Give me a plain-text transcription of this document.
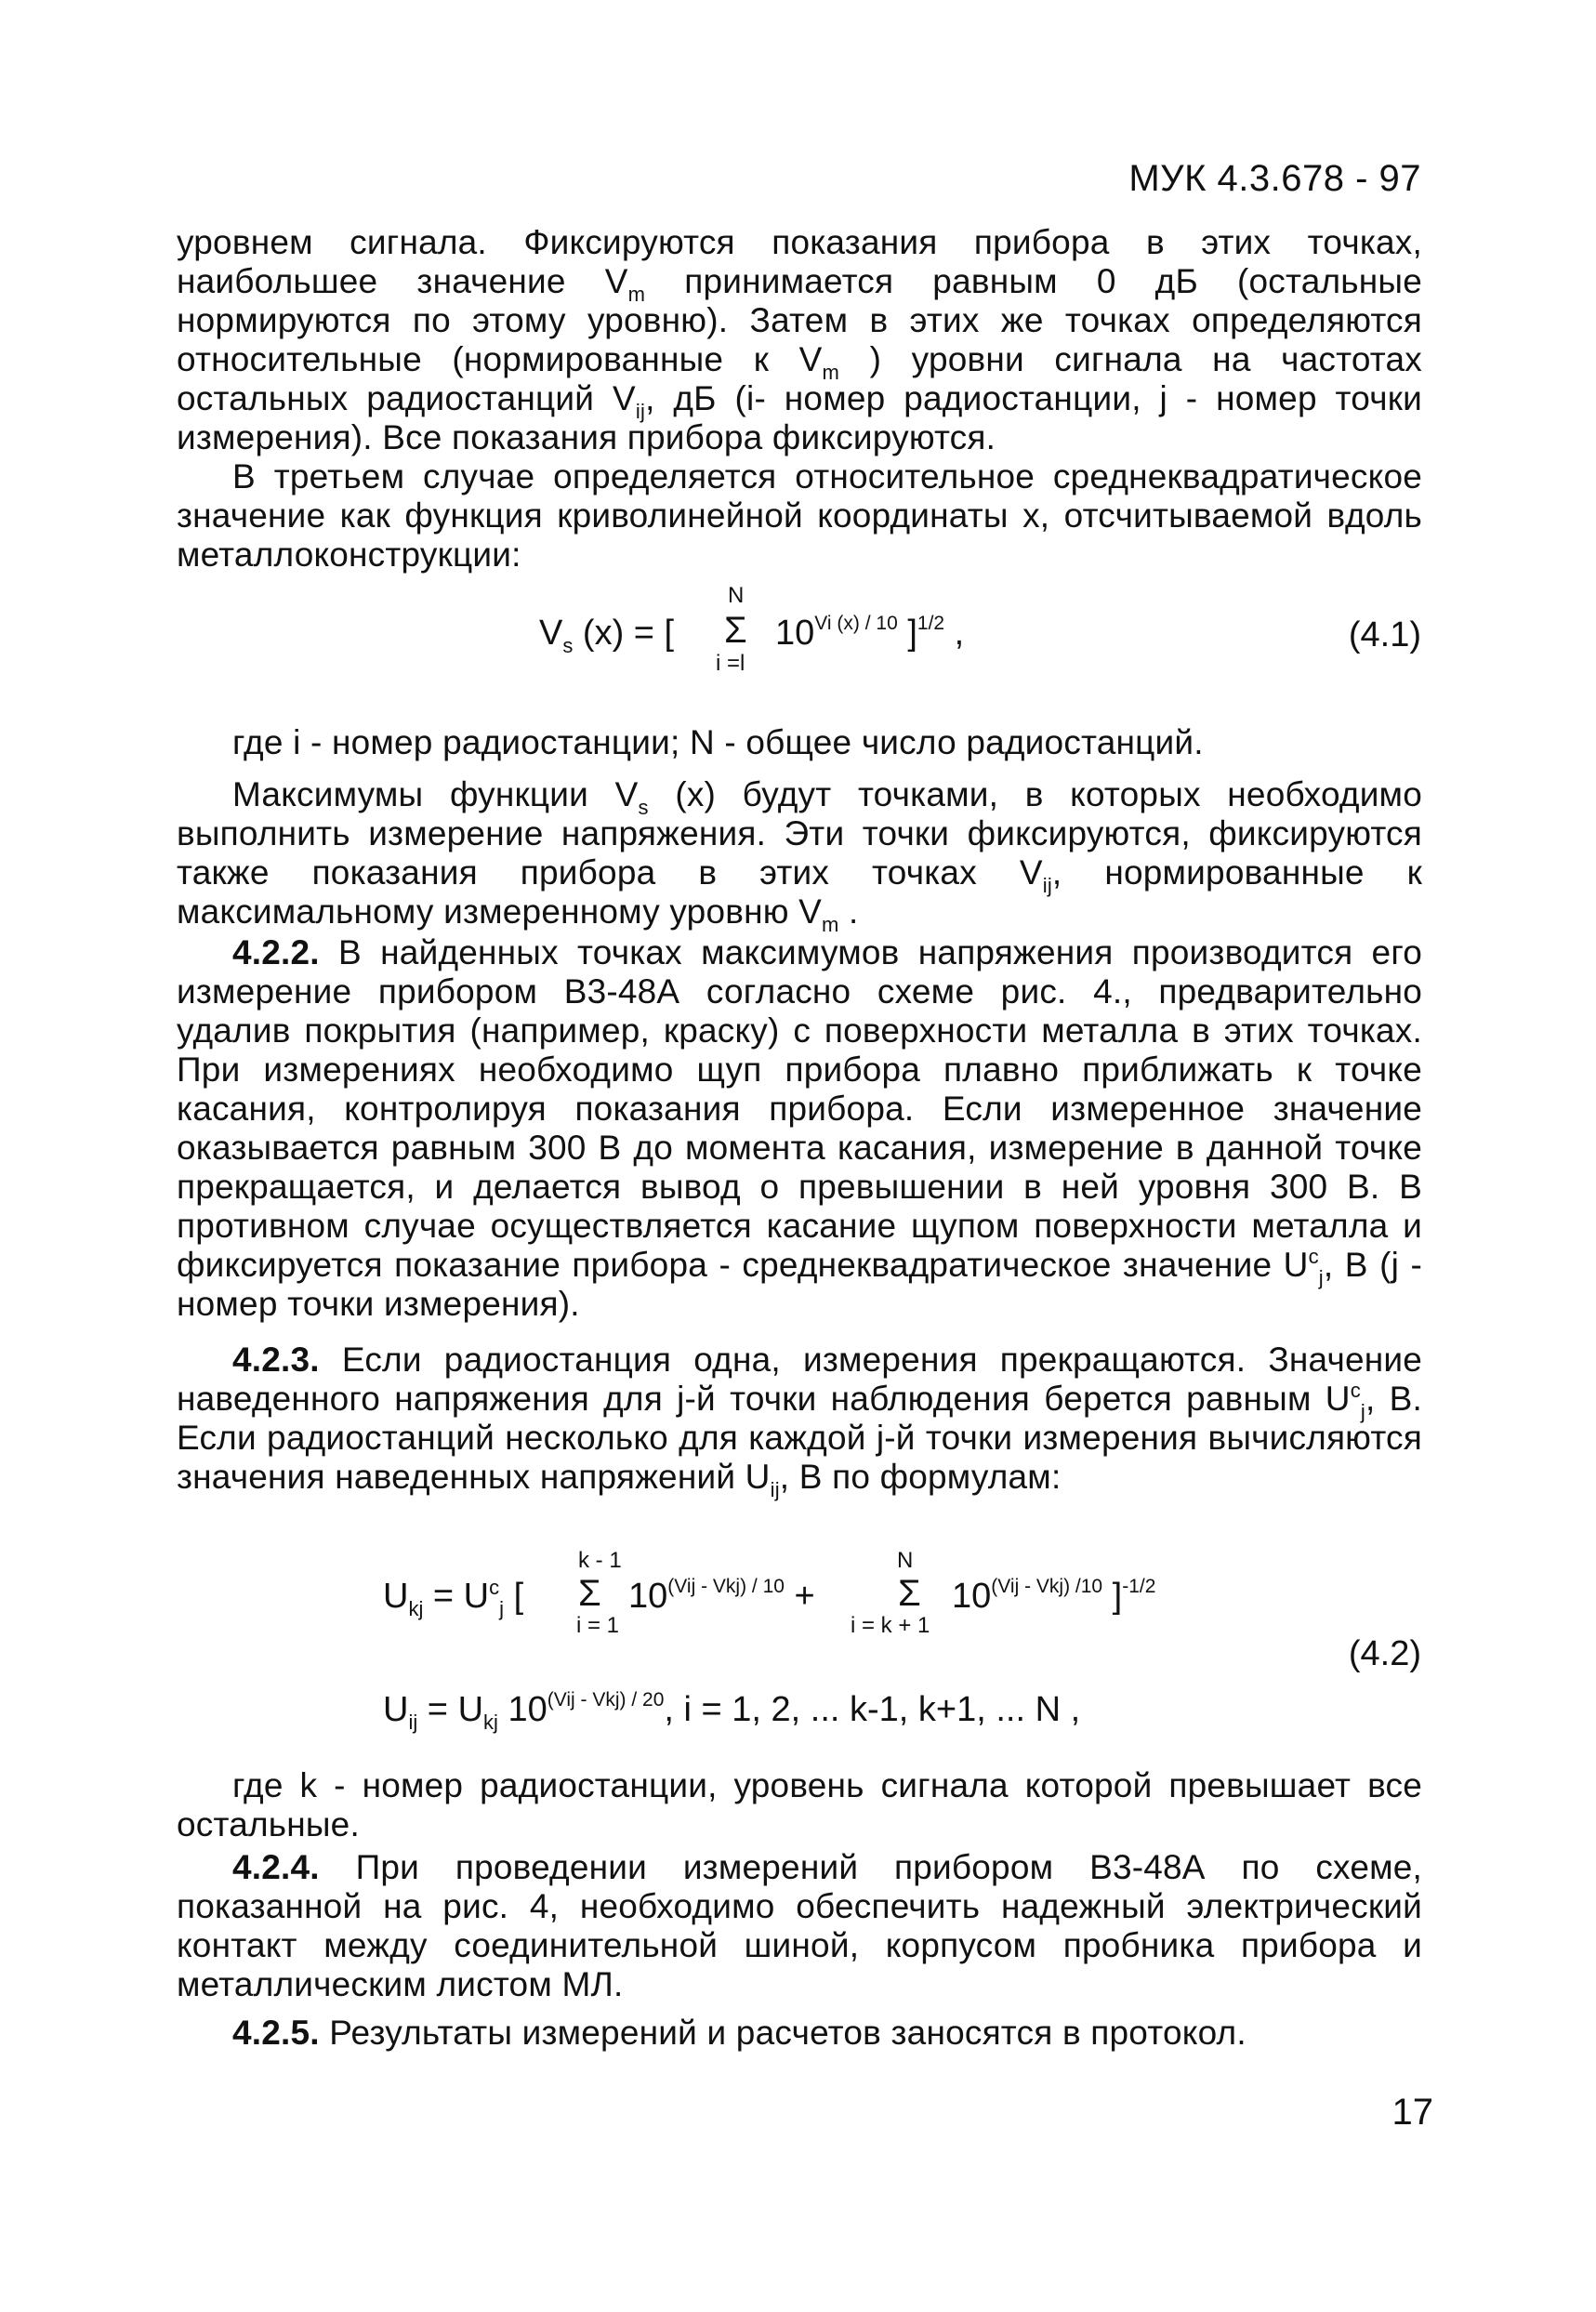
МУК 4.3.678 - 97

уровнем сигнала. Фиксируются показания прибора в этих точках, наибольшее значение $V_m$ принимается равным 0 дБ (остальные нормируются по этому уровню). Затем в этих же точках определяются относительные (нормированные к $V_m$ ) уровни сигнала на частотах остальных радиостанций $V_{ij}$, дБ (i- номер радиостанции, j - номер точки измерения). Все показания прибора фиксируются.

В третьем случае определяется относительное среднеквадратическое значение как функция криволинейной координаты x, отсчитываемой вдоль металлоконструкции:

N
$V_s$ (x) = [ Σ $10^{Vi (x) / 10}$ ]$^{1/2}$ ,
i =l
(4.1)

где i - номер радиостанции; N - общее число радиостанций.

Максимумы функции $V_s$ (x) будут точками, в которых необходимо выполнить измерение напряжения. Эти точки фиксируются, фиксируются также показания прибора в этих точках $V_{ij}$, нормированные к максимальному измеренному уровню $V_m$ .

4.2.2. В найденных точках максимумов напряжения производится его измерение прибором В3-48А согласно схеме рис. 4., предварительно удалив покрытия (например, краску) с поверхности металла в этих точках. При измерениях необходимо щуп прибора плавно приближать к точке касания, контролируя показания прибора. Если измеренное значение оказывается равным 300 В до момента касания, измерение в данной точке прекращается, и делается вывод о превышении в ней уровня 300 В. В противном случае осуществляется касание щупом поверхности металла и фиксируется показание прибора - среднеквадратическое значение $U^c_j$, В (j - номер точки измерения).

4.2.3. Если радиостанция одна, измерения прекращаются. Значение наведенного напряжения для j-й точки наблюдения берется равным $U^c_j$, В. Если радиостанций несколько для каждой j-й точки измерения вычисляются значения наведенных напряжений $U_{ij}$, В по формулам:

k - 1	N
$U_{kj} = U^c_j$ [ Σ $10^{(Vij - Vkj) / 10} + \Sigma$ $10^{(Vij - Vkj) /10}$ ]$^{-1/2}$
i = 1	i = k + 1
(4.2)
$U_{ij} = U_{kj}$ $10^{(Vij - Vkj) / 20}$, i = 1, 2, ... k-1, k+1, ... N ,

где k - номер радиостанции, уровень сигнала которой превышает все остальные.

4.2.4. При проведении измерений прибором В3-48А по схеме, показанной на рис. 4, необходимо обеспечить надежный электрический контакт между соединительной шиной, корпусом пробника прибора и металлическим листом МЛ.

4.2.5. Результаты измерений и расчетов заносятся в протокол.

17
